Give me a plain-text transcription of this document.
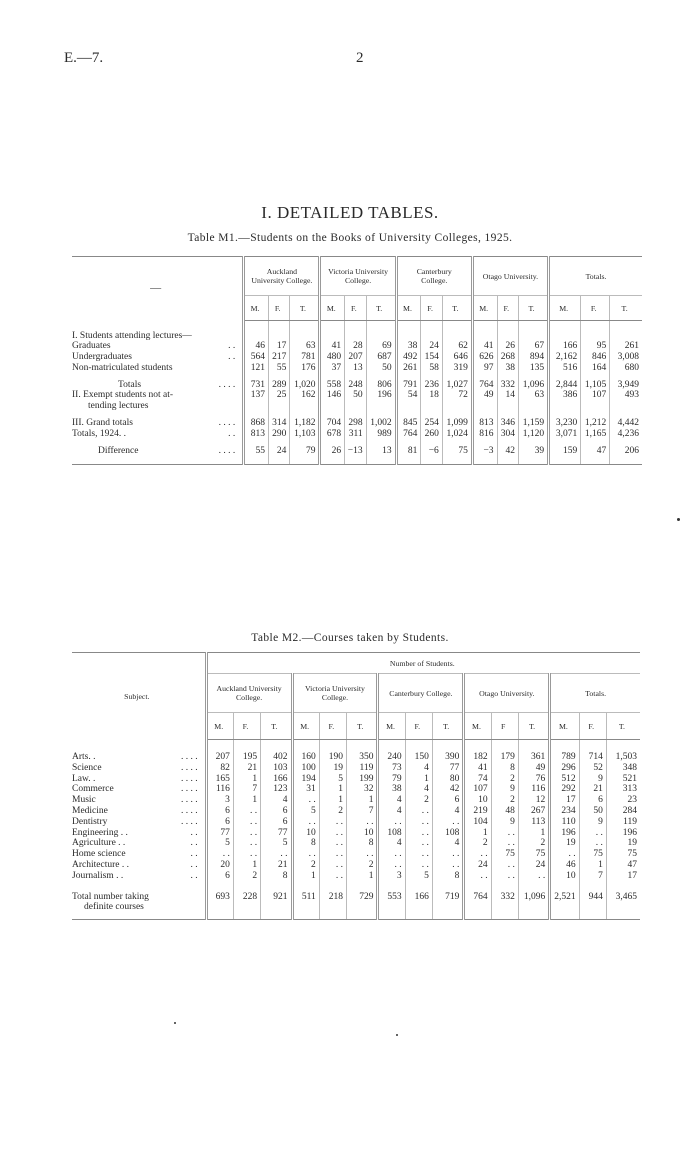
E.—7.	2
I. DETAILED TABLES.
Table M1.—Students on the Books of University Colleges, 1925.
—	Auckland University College.			Victoria University College.			Canterbury College.			Otago University.			Totals.		
	M.	F.	T.	M.	F.	T.	M.	F.	T.	M.	F.	T.	M.	F.	T.
I. Students attending lectures—															
Graduates . .	46	17	63	41	28	69	38	24	62	41	26	67	166	95	261
Undergraduates . .	564	217	781	480	207	687	492	154	646	626	268	894	2,162	846	3,008
Non-matriculated students	121	55	176	37	13	50	261	58	319	97	38	135	516	164	680
Totals . . . .	731	289	1,020	558	248	806	791	236	1,027	764	332	1,096	2,844	1,105	3,949
II. Exempt students not at-	137	25	162	146	50	196	54	18	72	49	14	63	386	107	493
tending lectures															
III. Grand totals . . . .	868	314	1,182	704	298	1,002	845	254	1,099	813	346	1,159	3,230	1,212	4,442
Totals, 1924. . . .	813	290	1,103	678	311	989	764	260	1,024	816	304	1,120	3,071	1,165	4,236
Difference . . . .	55	24	79	26	−13	13	81	−6	75	−3	42	39	159	47	206
Table M2.—Courses taken by Students.
Subject.	Number of Students.														
	Auckland University College.			Victoria University College.			Canterbury College.			Otago University.			Totals.		
	M.	F.	T.	M.	F.	T.	M.	F.	T.	M.	F	T.	M.	F.	T.
Arts. . . . . .	207	195	402	160	190	350	240	150	390	182	179	361	789	714	1,503
Science . . . .	82	21	103	100	19	119	73	4	77	41	8	49	296	52	348
Law. . . . . .	165	1	166	194	5	199	79	1	80	74	2	76	512	9	521
Commerce . . . .	116	7	123	31	1	32	38	4	42	107	9	116	292	21	313
Music . . . .	3	1	4	. .	1	1	4	2	6	10	2	12	17	6	23
Medicine . . . .	6	. .	6	5	2	7	4	. .	4	219	48	267	234	50	284
Dentistry . . . .	6	. .	6	. .	. .	. .	. .	. .	. .	104	9	113	110	9	119
Engineering . . . .	77	. .	77	10	. .	10	108	. .	108	1	. .	1	196	. .	196
Agriculture . . . .	5	. .	5	8	. .	8	4	. .	4	2	. .	2	19	. .	19
Home science . .	. .	. .	. .	. .	. .	. .	. .	. .	. .	. .	75	75	. .	75	75
Architecture . . . .	20	1	21	2	. .	2	. .	. .	. .	24	. .	24	46	1	47
Journalism . . . .	6	2	8	1	. .	1	3	5	8	. .	. .	. .	10	7	17
Total number taking	693	228	921	511	218	729	553	166	719	764	332	1,096	2,521	944	3,465
definite courses															
